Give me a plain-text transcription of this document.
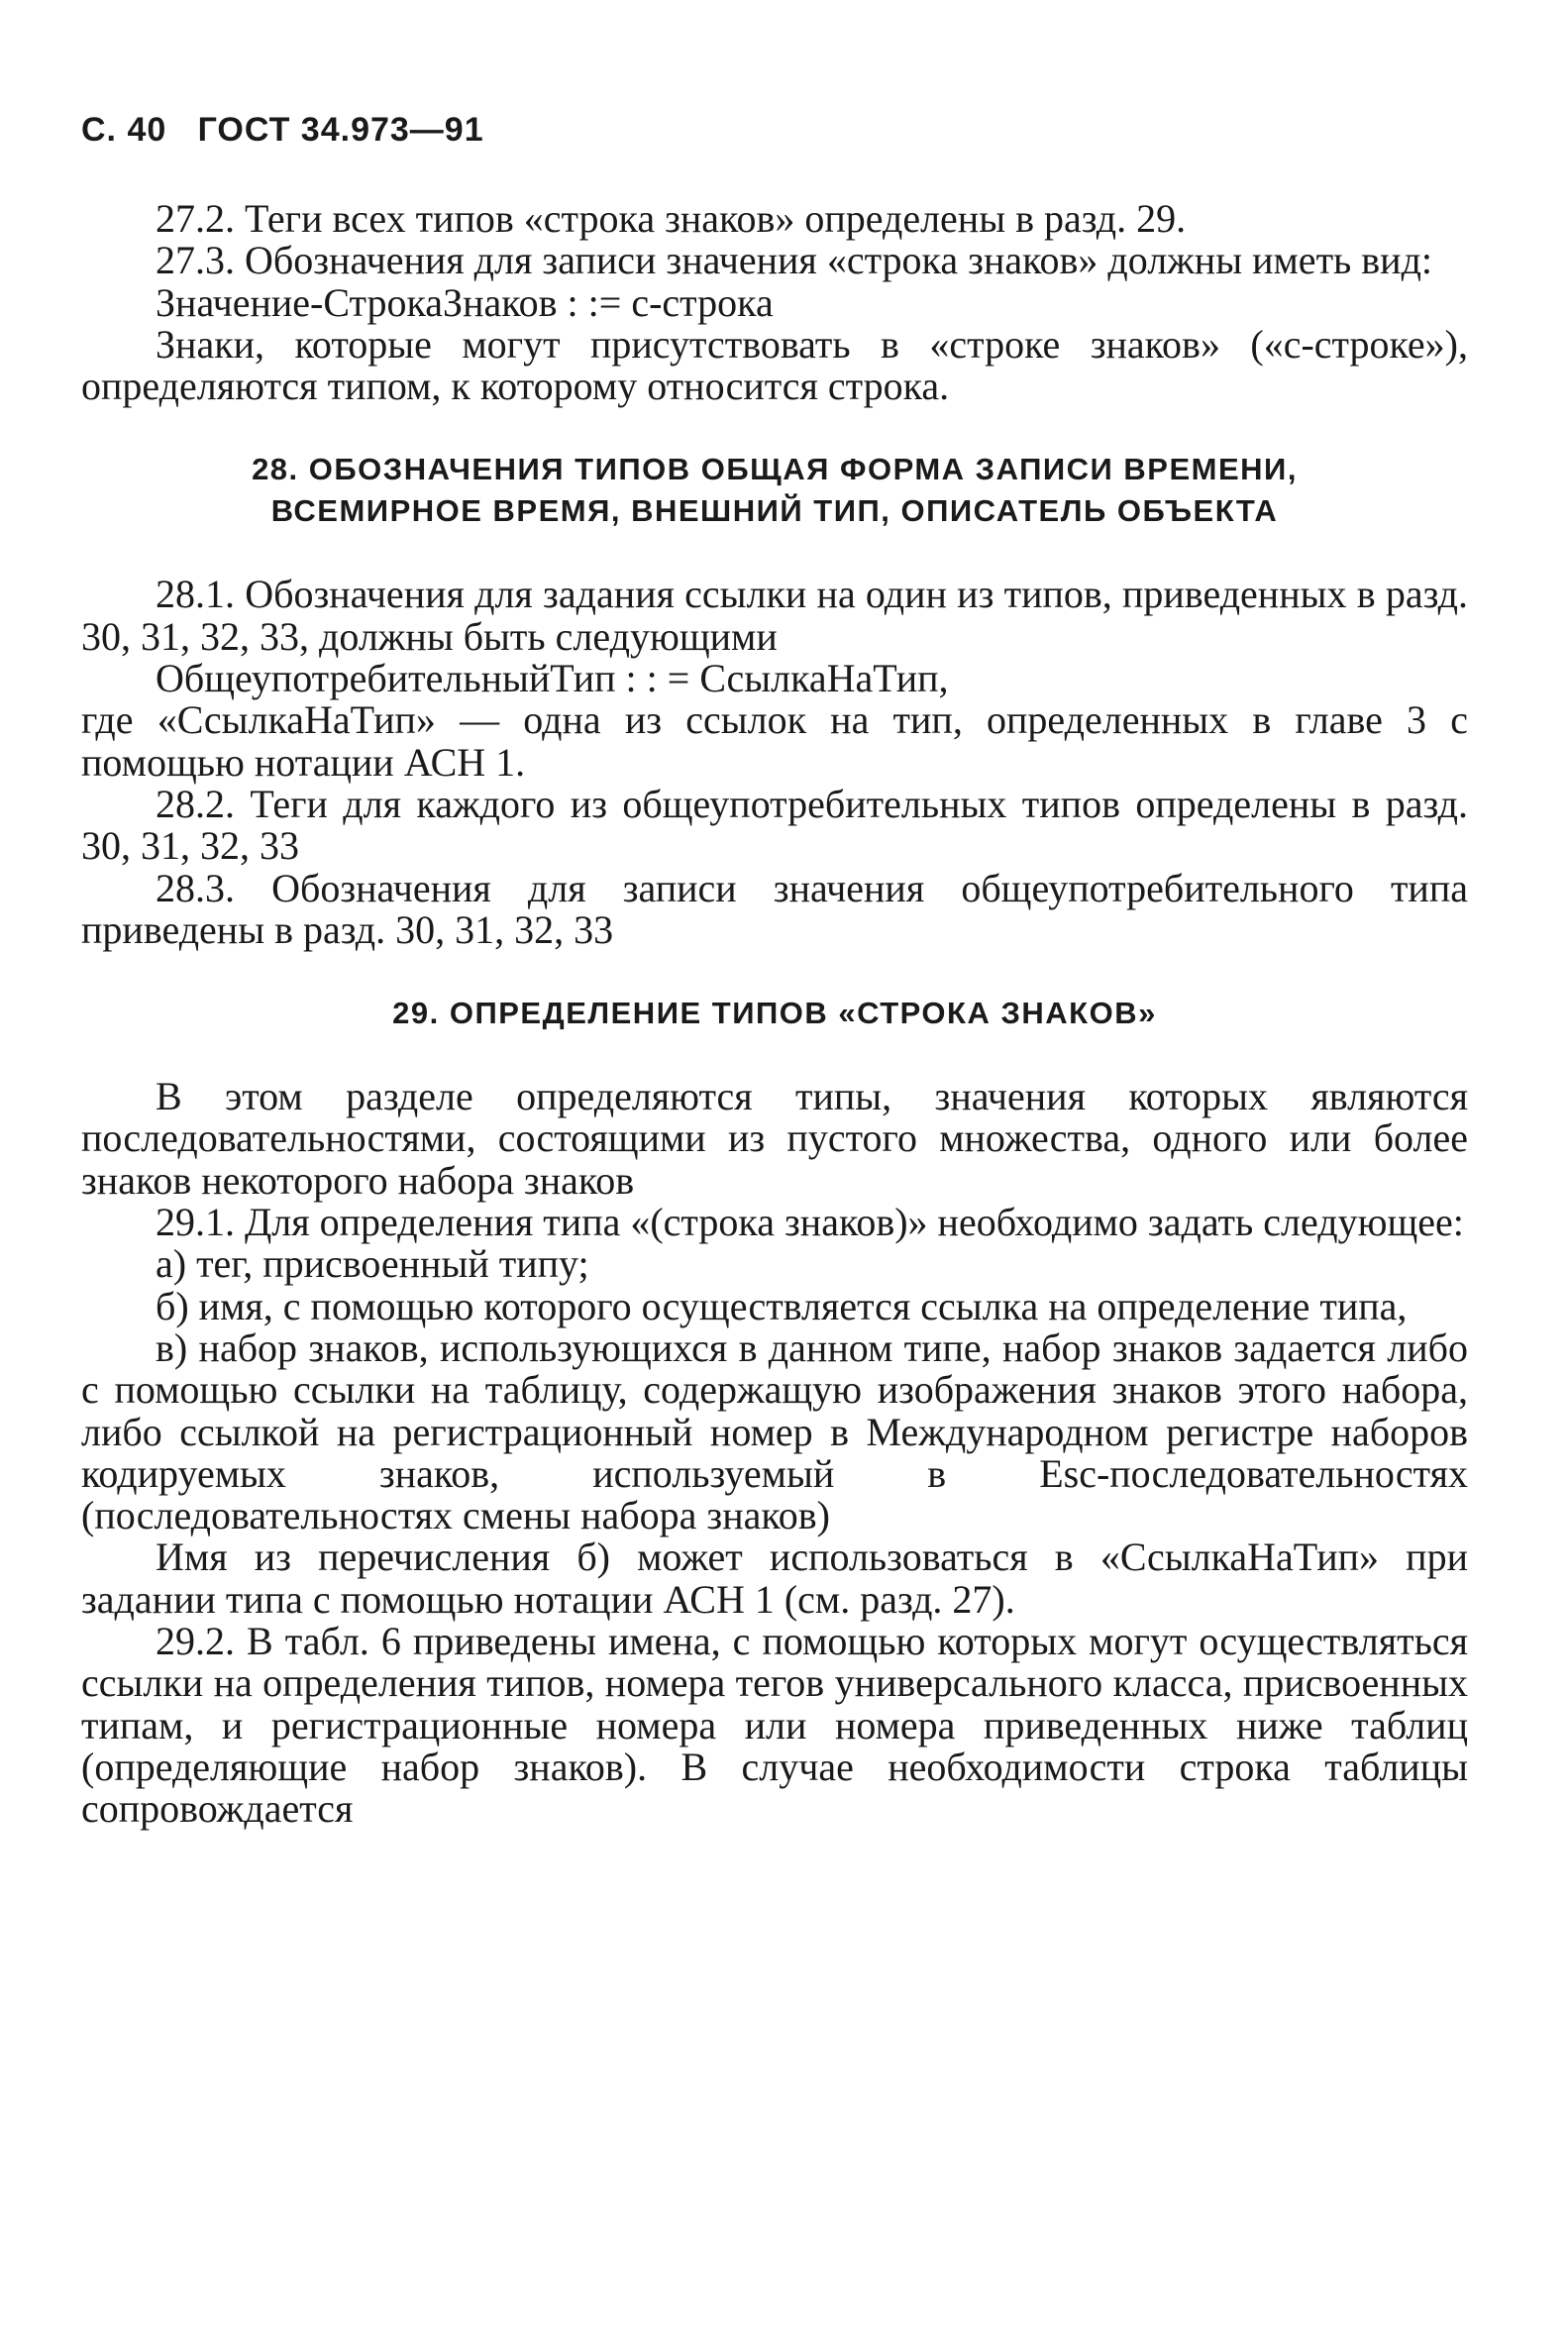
С. 40 ГОСТ 34.973—91

27.2. Теги всех типов «строка знаков» определены в разд. 29.

27.3. Обозначения для записи значения «строка знаков» должны иметь вид:

Значение-СтрокаЗнаков : := с-строка

Знаки, которые могут присутствовать в «строке знаков» («с-строке»), определяются типом, к которому относится строка.

28. ОБОЗНАЧЕНИЯ ТИПОВ ОБЩАЯ ФОРМА ЗАПИСИ ВРЕМЕНИ,

ВСЕМИРНОЕ ВРЕМЯ, ВНЕШНИЙ ТИП, ОПИСАТЕЛЬ ОБЪЕКТА

28.1. Обозначения для задания ссылки на один из типов, приведенных в разд. 30, 31, 32, 33, должны быть следующими

ОбщеупотребительныйТип : : = СсылкаНаТип,

где «СсылкаНаТип» — одна из ссылок на тип, определенных в главе 3 с помощью нотации АСН 1.

28.2. Теги для каждого из общеупотребительных типов определены в разд. 30, 31, 32, 33

28.3. Обозначения для записи значения общеупотребительного типа приведены в разд. 30, 31, 32, 33

29. ОПРЕДЕЛЕНИЕ ТИПОВ «СТРОКА ЗНАКОВ»

В этом разделе определяются типы, значения которых являются последовательностями, состоящими из пустого множества, одного или более знаков некоторого набора знаков

29.1. Для определения типа «(строка знаков)» необходимо задать следующее:

а) тег, присвоенный типу;

б) имя, с помощью которого осуществляется ссылка на определение типа,

в) набор знаков, использующихся в данном типе, набор знаков задается либо с помощью ссылки на таблицу, содержащую изображения знаков этого набора, либо ссылкой на регистрационный номер в Международном регистре наборов кодируемых знаков, используемый в Esc-последовательностях (последовательностях смены набора знаков)

Имя из перечисления б) может использоваться в «СсылкаНаТип» при задании типа с помощью нотации АСН 1 (см. разд. 27).

29.2. В табл. 6 приведены имена, с помощью которых могут осуществляться ссылки на определения типов, номера тегов универсального класса, присвоенных типам, и регистрационные номера или номера приведенных ниже таблиц (определяющие набор знаков). В случае необходимости строка таблицы сопровождается
